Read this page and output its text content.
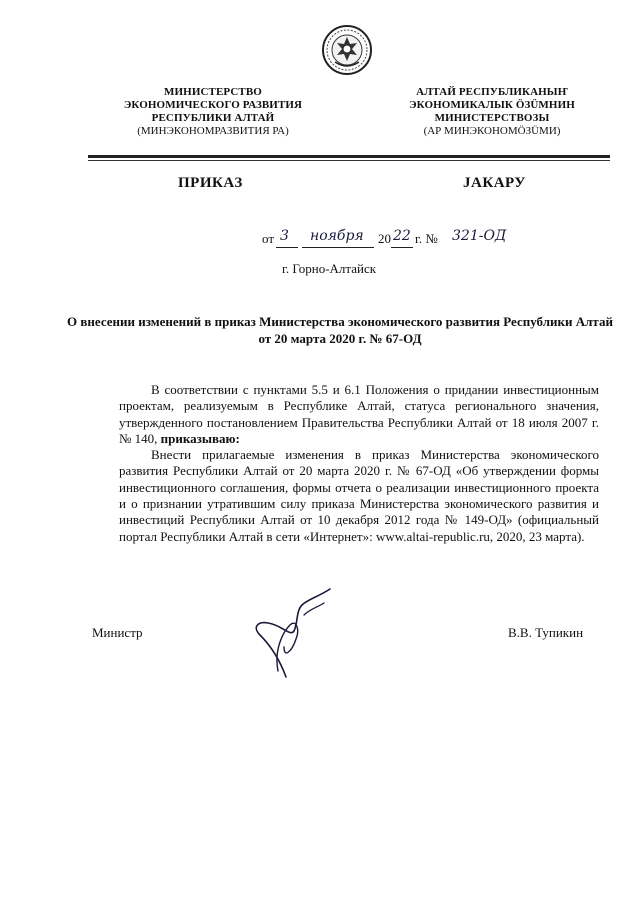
МИНИСТЕРСТВО
ЭКОНОМИЧЕСКОГО РАЗВИТИЯ
РЕСПУБЛИКИ АЛТАЙ
(МИНЭКОНОМРАЗВИТИЯ РА)
АЛТАЙ РЕСПУБЛИКАНЫҤ
ЭКОНОМИКАЛЫК ÖЗÜМНИН
МИНИСТЕРСТВОЗЫ
(АР МИНЭКОНОМÖЗÜМИ)
ПРИКАЗ	ЈАКАРУ
от 3 ноября 20 22 г. № 321-ОД
г. Горно-Алтайск
О внесении изменений в приказ Министерства экономического развития Республики Алтай от 20 марта 2020 г. № 67-ОД

В соответствии с пунктами 5.5 и 6.1 Положения о придании инвестиционным проектам, реализуемым в Республике Алтай, статуса регионального значения, утвержденного постановлением Правительства Республики Алтай от 18 июля 2007 г. № 140, приказываю:

Внести прилагаемые изменения в приказ Министерства экономического развития Республики Алтай от 20 марта 2020 г. № 67-ОД «Об утверждении формы инвестиционного соглашения, формы отчета о реализации инвестиционного проекта и о признании утратившим силу приказа Министерства экономического развития и инвестиций Республики Алтай от 10 декабря 2012 года № 149-ОД» (официальный портал Республики Алтай в сети «Интернет»: www.altai-republic.ru, 2020, 23 марта).

Министр	В.В. Тупикин
